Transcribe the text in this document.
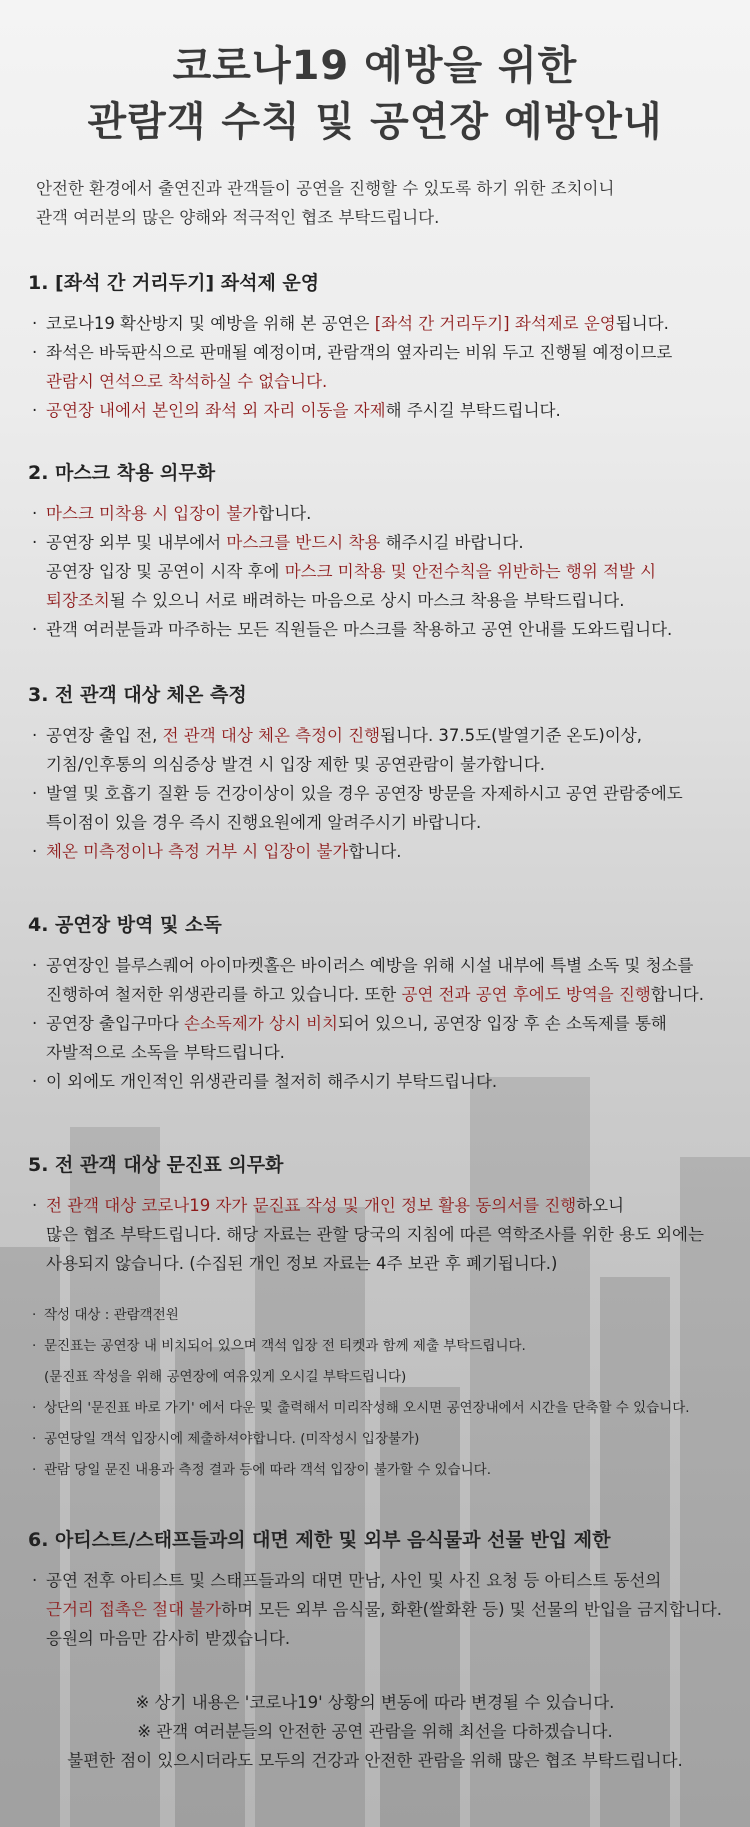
코로나19 예방을 위한
관람객 수칙 및 공연장 예방안내
안전한 환경에서 출연진과 관객들이 공연을 진행할 수 있도록 하기 위한 조치이니
관객 여러분의 많은 양해와 적극적인 협조 부탁드립니다.
1. [좌석 간 거리두기] 좌석제 운영
· 코로나19 확산방지 및 예방을 위해 본 공연은 [좌석 간 거리두기] 좌석제로 운영됩니다.
· 좌석은 바둑판식으로 판매될 예정이며, 관람객의 옆자리는 비워 두고 진행될 예정이므로
관람시 연석으로 착석하실 수 없습니다.
· 공연장 내에서 본인의 좌석 외 자리 이동을 자제해 주시길 부탁드립니다.
2. 마스크 착용 의무화
· 마스크 미착용 시 입장이 불가합니다.
· 공연장 외부 및 내부에서 마스크를 반드시 착용 해주시길 바랍니다.
공연장 입장 및 공연이 시작 후에 마스크 미착용 및 안전수칙을 위반하는 행위 적발 시
퇴장조치될 수 있으니 서로 배려하는 마음으로 상시 마스크 착용을 부탁드립니다.
· 관객 여러분들과 마주하는 모든 직원들은 마스크를 착용하고 공연 안내를 도와드립니다.
3. 전 관객 대상 체온 측정
· 공연장 출입 전, 전 관객 대상 체온 측정이 진행됩니다. 37.5도(발열기준 온도)이상,
기침/인후통의 의심증상 발견 시 입장 제한 및 공연관람이 불가합니다.
· 발열 및 호흡기 질환 등 건강이상이 있을 경우 공연장 방문을 자제하시고 공연 관람중에도
특이점이 있을 경우 즉시 진행요원에게 알려주시기 바랍니다.
· 체온 미측정이나 측정 거부 시 입장이 불가합니다.
4. 공연장 방역 및 소독
· 공연장인 블루스퀘어 아이마켓홀은 바이러스 예방을 위해 시설 내부에 특별 소독 및 청소를
진행하여 철저한 위생관리를 하고 있습니다. 또한 공연 전과 공연 후에도 방역을 진행합니다.
· 공연장 출입구마다 손소독제가 상시 비치되어 있으니, 공연장 입장 후 손 소독제를 통해
자발적으로 소독을 부탁드립니다.
· 이 외에도 개인적인 위생관리를 철저히 해주시기 부탁드립니다.
5. 전 관객 대상 문진표 의무화
· 전 관객 대상 코로나19 자가 문진표 작성 및 개인 정보 활용 동의서를 진행하오니
많은 협조 부탁드립니다. 해당 자료는 관할 당국의 지침에 따른 역학조사를 위한 용도 외에는
사용되지 않습니다. (수집된 개인 정보 자료는 4주 보관 후 폐기됩니다.)
· 작성 대상 : 관람객전원
· 문진표는 공연장 내 비치되어 있으며 객석 입장 전 티켓과 함께 제출 부탁드립니다.
(문진표 작성을 위해 공연장에 여유있게 오시길 부탁드립니다)
· 상단의 '문진표 바로 가기' 에서 다운 및 출력해서 미리작성해 오시면 공연장내에서 시간을 단축할 수 있습니다.
· 공연당일 객석 입장시에 제출하셔야합니다. (미작성시 입장불가)
· 관람 당일 문진 내용과 측정 결과 등에 따라 객석 입장이 불가할 수 있습니다.
6. 아티스트/스태프들과의 대면 제한 및 외부 음식물과 선물 반입 제한
· 공연 전후 아티스트 및 스태프들과의 대면 만남, 사인 및 사진 요청 등 아티스트 동선의
근거리 접촉은 절대 불가하며 모든 외부 음식물, 화환(쌀화환 등) 및 선물의 반입을 금지합니다.
응원의 마음만 감사히 받겠습니다.
※ 상기 내용은 '코로나19' 상황의 변동에 따라 변경될 수 있습니다.
※ 관객 여러분들의 안전한 공연 관람을 위해 최선을 다하겠습니다.
불편한 점이 있으시더라도 모두의 건강과 안전한 관람을 위해 많은 협조 부탁드립니다.
